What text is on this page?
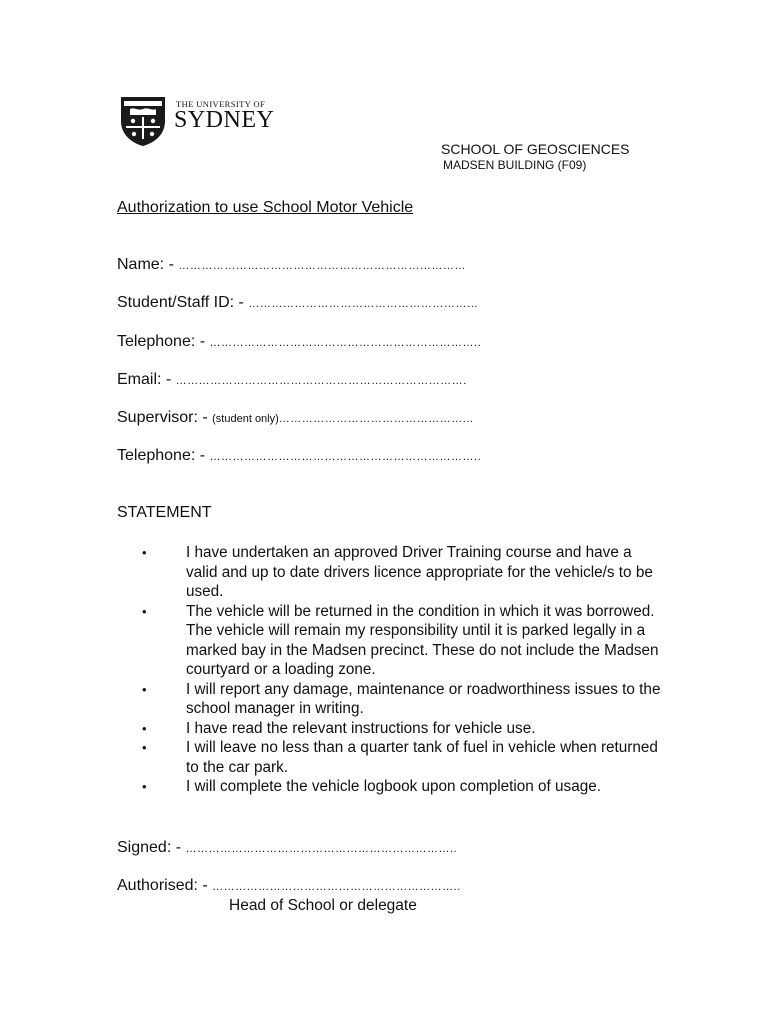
THE UNIVERSITY OF
SYDNEY
SCHOOL OF GEOSCIENCES
MADSEN BUILDING (F09)
Authorization to use School Motor Vehicle
Name: - …………………………………………………………………
Student/Staff ID: - ……………………………………………………
Telephone: - ……………………………………………………………..
Email: - ………………………………………………………………….
Supervisor: - (student only)…………………………………………...
Telephone: - ……………………………………………………………..
STATEMENT
•	I have undertaken an approved Driver Training course and have a valid and up to date drivers licence appropriate for the vehicle/s to be used.
•	The vehicle will be returned in the condition in which it was borrowed. The vehicle will remain my responsibility until it is parked legally in a marked bay in the Madsen precinct. These do not include the Madsen courtyard or a loading zone.
•	I will report any damage, maintenance or roadworthiness issues to the school manager in writing.
•	I have read the relevant instructions for vehicle use.
•	I will leave no less than a quarter tank of fuel in vehicle when returned to the car park.
•	I will complete the vehicle logbook upon completion of usage.
Signed: - ……………………………………………………………..
Authorised: - ………………………………………………………..
Head of School or delegate
